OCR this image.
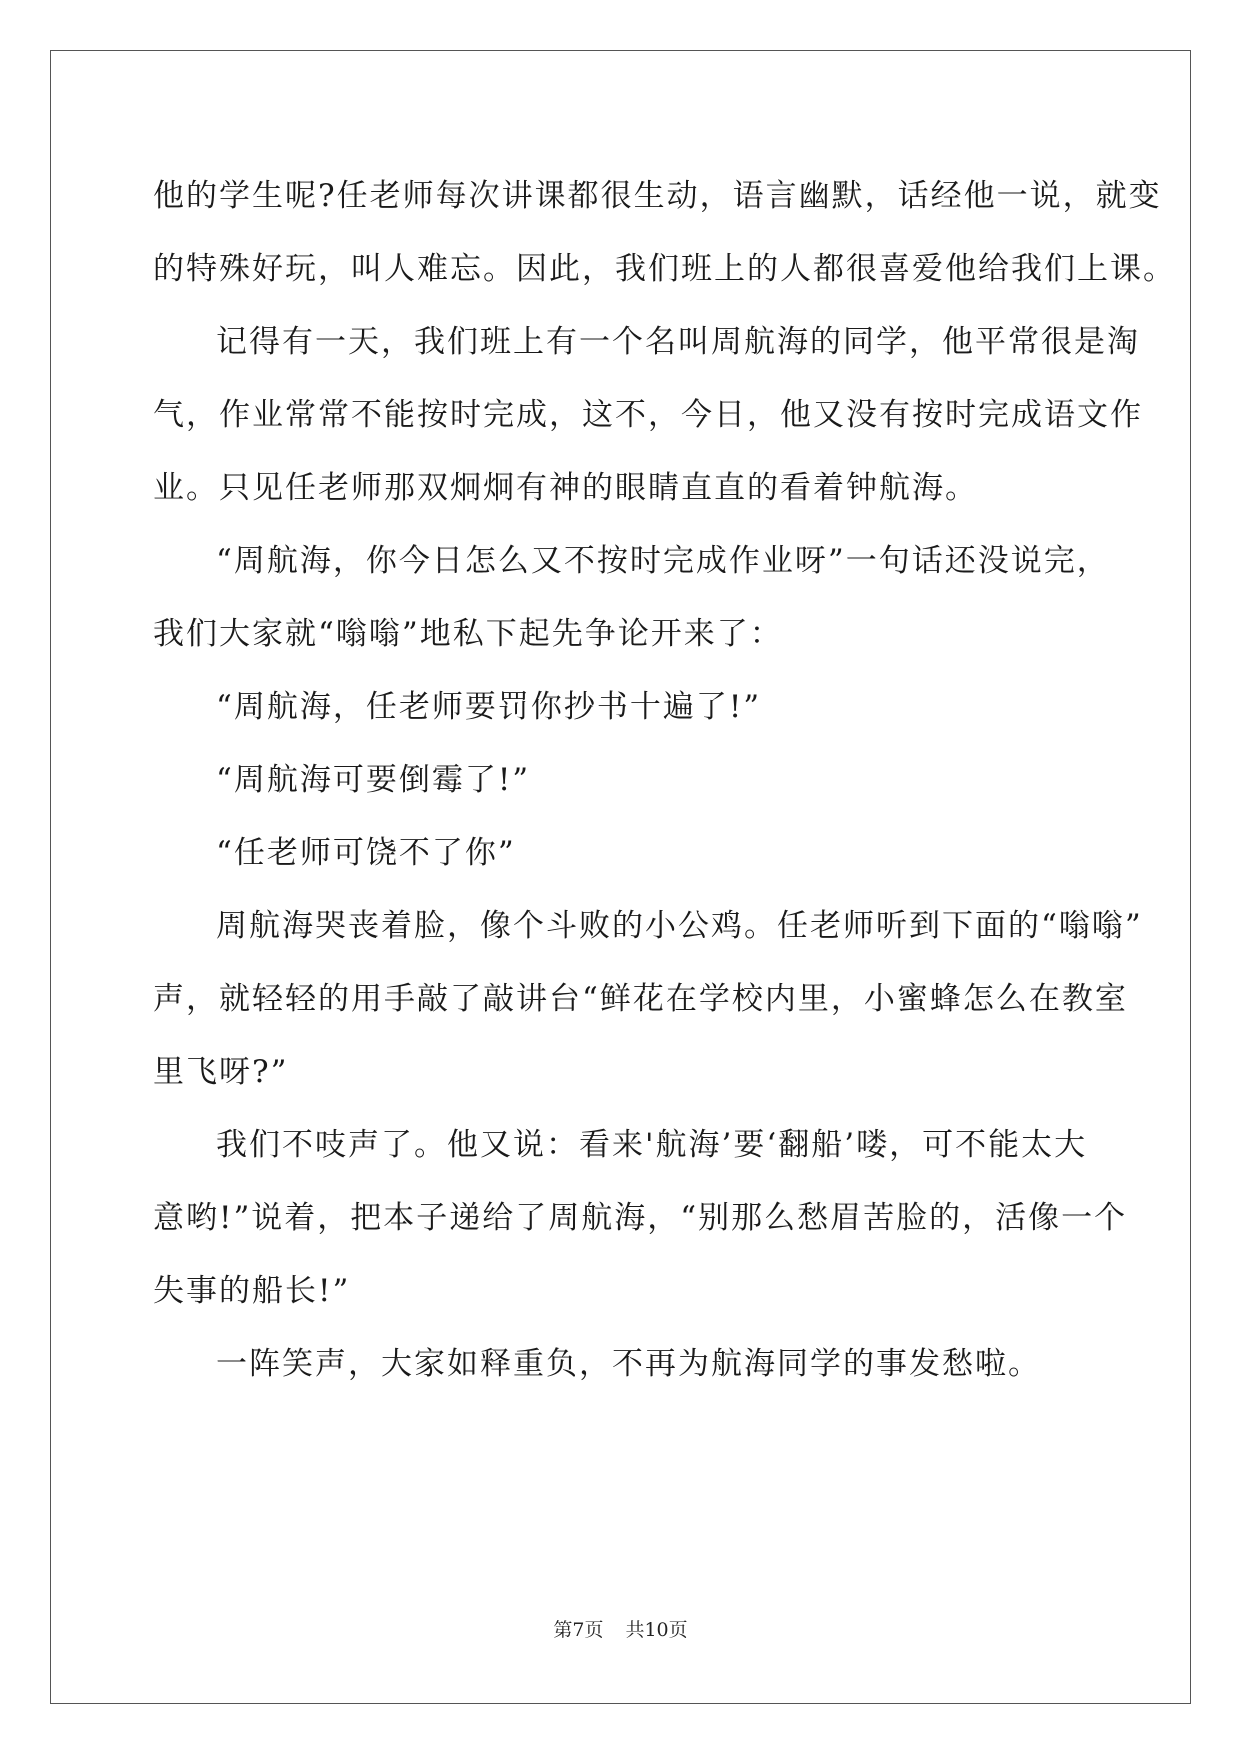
他的学生呢?任老师每次讲课都很生动，语言幽默，话经他一说，就变
的特殊好玩，叫人难忘。因此，我们班上的人都很喜爱他给我们上课。
记得有一天，我们班上有一个名叫周航海的同学，他平常很是淘
气，作业常常不能按时完成，这不，今日，他又没有按时完成语文作
业。只见任老师那双炯炯有神的眼睛直直的看着钟航海。
“周航海，你今日怎么又不按时完成作业呀”一句话还没说完，
我们大家就“嗡嗡”地私下起先争论开来了：
“周航海，任老师要罚你抄书十遍了!”
“周航海可要倒霉了!”
“任老师可饶不了你”
周航海哭丧着脸，像个斗败的小公鸡。任老师听到下面的“嗡嗡”
声，就轻轻的用手敲了敲讲台“鲜花在学校内里，小蜜蜂怎么在教室
里飞呀?”
我们不吱声了。他又说：看来'航海’要‘翻船’喽，可不能太大
意哟!”说着，把本子递给了周航海，“别那么愁眉苦脸的，活像一个
失事的船长!”
一阵笑声，大家如释重负，不再为航海同学的事发愁啦。
第7页 共10页
